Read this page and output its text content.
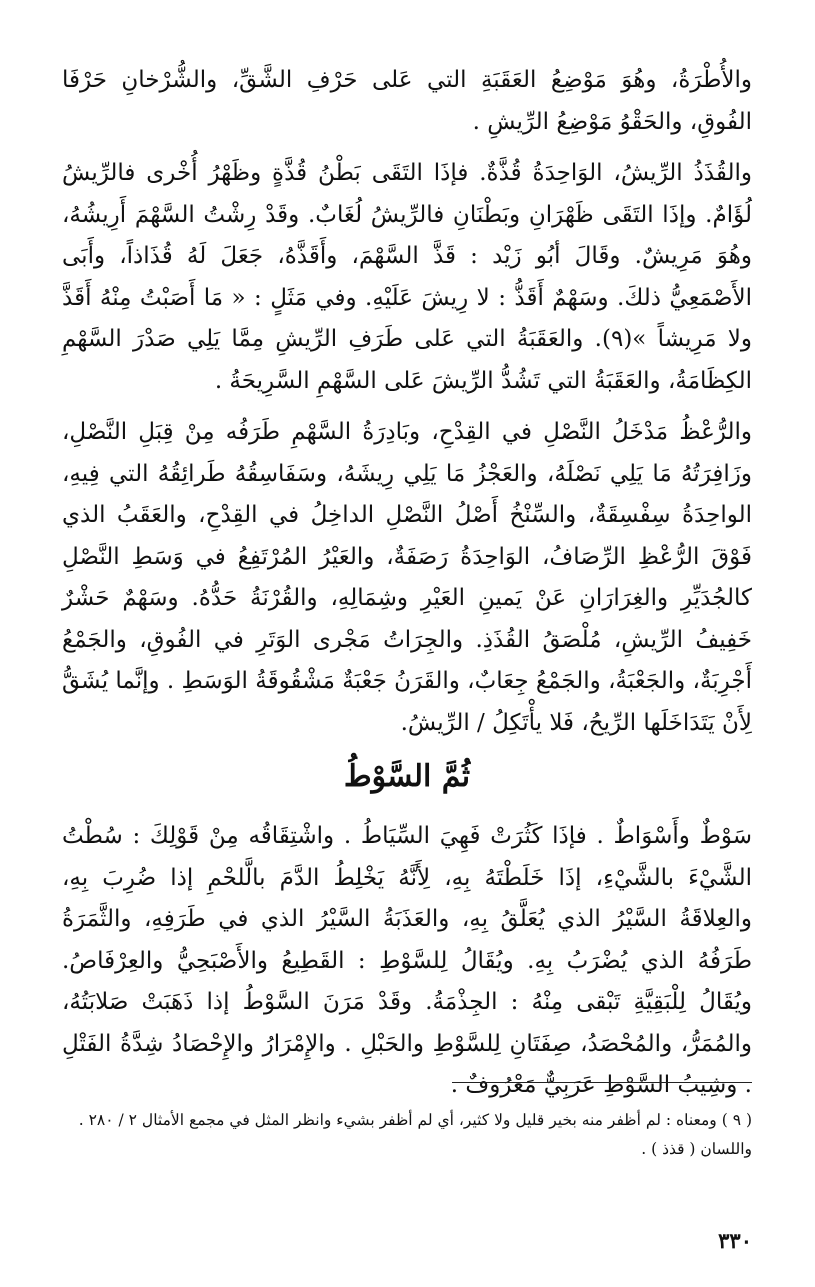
والأُطْرَةُ، وهُوَ مَوْضِعُ العَقَبَةِ التي عَلى حَرْفِ الشَّقِّ، والشُّرْخانِ حَرْفَا الفُوقِ، والحَقْوُ مَوْضِعُ الرِّيشِ .

والقُذَذُ الرِّيشُ، الوَاحِدَةُ قُذَّةٌ. فإذَا التَقَى بَطْنُ قُذَّةٍ وظَهْرُ أُخْرى فالرِّيشُ لُؤَامٌ. وإذَا التَقَى ظَهْرَانِ وبَطْنَانِ فالرِّيشُ لُغَابٌ. وقَدْ رِشْتُ السَّهْمَ أَرِيشُهُ، وهُوَ مَرِيشٌ. وقَالَ أبُو زَيْد : قَذَّ السَّهْمَ، وأَقَذَّهُ، جَعَلَ لَهُ قُذَاذاً، وأَبَى الأَصْمَعِيُّ ذلكَ. وسَهْمٌ أَقَذُّ : لا رِيشَ عَلَيْهِ. وفي مَثَلٍ : « مَا أَصَبْتُ مِنْهُ أَقَذَّ ولا مَرِيشاً »(٩). والعَقَبَةُ التي عَلى طَرَفِ الرِّيشِ مِمَّا يَلِي صَدْرَ السَّهْمِ الكِظَامَةُ، والعَقَبَةُ التي تَشُدُّ الرِّيشَ عَلى السَّهْمِ السَّرِيحَةُ .

والرُّعْظُ مَدْخَلُ النَّصْلِ في القِدْحِ، وبَادِرَةُ السَّهْمِ طَرَفُه مِنْ قِبَلِ النَّصْلِ، وزَافِرَتُهُ مَا يَلِي نَصْلَهُ، والعَجْزُ مَا يَلِي رِيشَهُ، وسَفَاسِقُهُ طَرائِقُهُ التي فِيهِ، الواحِدَةُ سِفْسِقَةٌ، والسِّنْخُ أَصْلُ النَّصْلِ الداخِلُ في القِدْحِ، والعَقَبُ الذي فَوْقَ الرُّعْظِ الرِّصَافُ، الوَاحِدَةُ رَصَفَةٌ، والعَيْرُ المُرْتَفِعُ في وَسَطِ النَّصْلِ كالجُدَيِّرِ والغِرَارَانِ عَنْ يَمينِ العَيْرِ وشِمَالِهِ، والقُرْنَةُ حَدُّهُ. وسَهْمٌ حَشْرٌ خَفِيفُ الرِّيشِ، مُلْصَقُ القُذَذِ. والجِرَاتُ مَجْرى الوَتَرِ في الفُوقِ، والجَمْعُ أَجْرِبَةٌ، والجَعْبَةُ، والجَمْعُ جِعَابٌ، والقَرَنُ جَعْبَةٌ مَشْقُوقَةُ الوَسَطِ . وإنَّما يُشَقُّ لِأَنْ يَتَدَاخَلَها الرِّيحُ، فَلا يأْتَكِلُ / الرِّيشُ.

ثُمَّ السَّوْطُ

سَوْطٌ وأَسْوَاطٌ . فإذَا كَثُرَتْ فَهِيَ السِّيَاطُ . واشْتِقَاقُه مِنْ قَوْلِكَ : سُطْتُ الشَّيْءَ بالشَّيْءِ، إذَا خَلَطْتَهُ بِهِ، لِأَنَّهُ يَخْلِطُ الدَّمَ بالَّلحْمِ إذا ضُرِبَ بِهِ، والعِلاقَةُ السَّيْرُ الذي يُعَلَّقُ بِهِ، والعَذَبَةُ السَّيْرُ الذي في طَرَفِهِ، والثَّمَرَةُ طَرَفُهُ الذي يُضْرَبُ بِهِ. ويُقَالُ لِلسَّوْطِ : القَطِيعُ والأَصْبَحِيُّ والعِرْفَاصُ. ويُقَالُ لِلْبَقِيَّةِ تَبْقى مِنْهُ : الجِذْمَةُ. وقَدْ مَرَنَ السَّوْطُ إذا ذَهَبَتْ صَلابَتُهُ، والمُمَرُّ، والمُحْصَدُ، صِفَتَانِ لِلسَّوْطِ والحَبْلِ . والإِمْرَارُ والإِحْصَادُ شِدَّةُ الفَتْلِ . وشِيبُ السَّوْطِ عَرَبِيٌّ مَعْرُوفٌ .

( ٩ ) ومعناه : لم أظفر منه بخير قليل ولا كثير، أي لم أظفر بشيء وانظر المثل في مجمع الأمثال ٢ / ٢٨٠ .
واللسان ( قذذ ) .
٣٣٠
